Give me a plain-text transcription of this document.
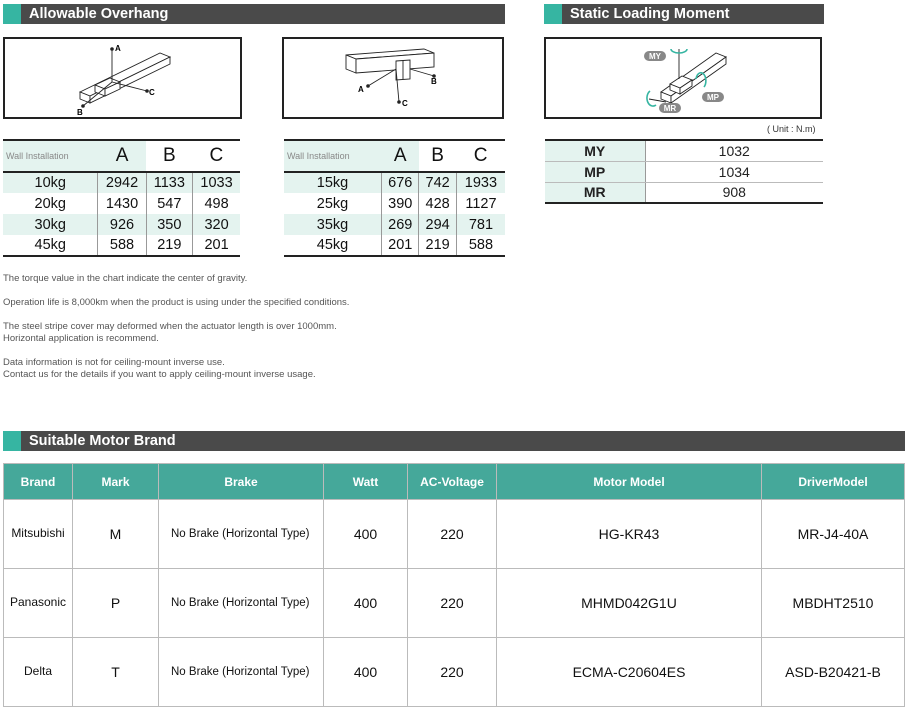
Allowable Overhang
A
C
B
A
B
C
Wall Installation	A	B	C
10kg	2942	1133	1033
20kg	1430	547	498
30kg	926	350	320
45kg	588	219	201
Wall Installation	A	B	C
15kg	676	742	1933
25kg	390	428	1127
35kg	269	294	781
45kg	201	219	588
Static Loading Moment
MY
MP
MR
( Unit : N.m)
MY	1032
MP	1034
MR	908

The torque value in the chart indicate the center of gravity.

Operation life is 8,000km when the product is using under the specified conditions.

The steel stripe cover may deformed when the actuator length is over 1000mm.

Horizontal application is recommend.

Data information is not for ceiling-mount inverse use.

Contact us for the details if you want to apply ceiling-mount inverse usage.

Suitable Motor Brand
Brand	Mark	Brake	Watt	AC-Voltage	Motor Model	DriverModel
Mitsubishi	M	No Brake (Horizontal Type)	400	220	HG-KR43	MR-J4-40A
Panasonic	P	No Brake (Horizontal Type)	400	220	MHMD042G1U	MBDHT2510
Delta	T	No Brake (Horizontal Type)	400	220	ECMA-C20604ES	ASD-B20421-B
